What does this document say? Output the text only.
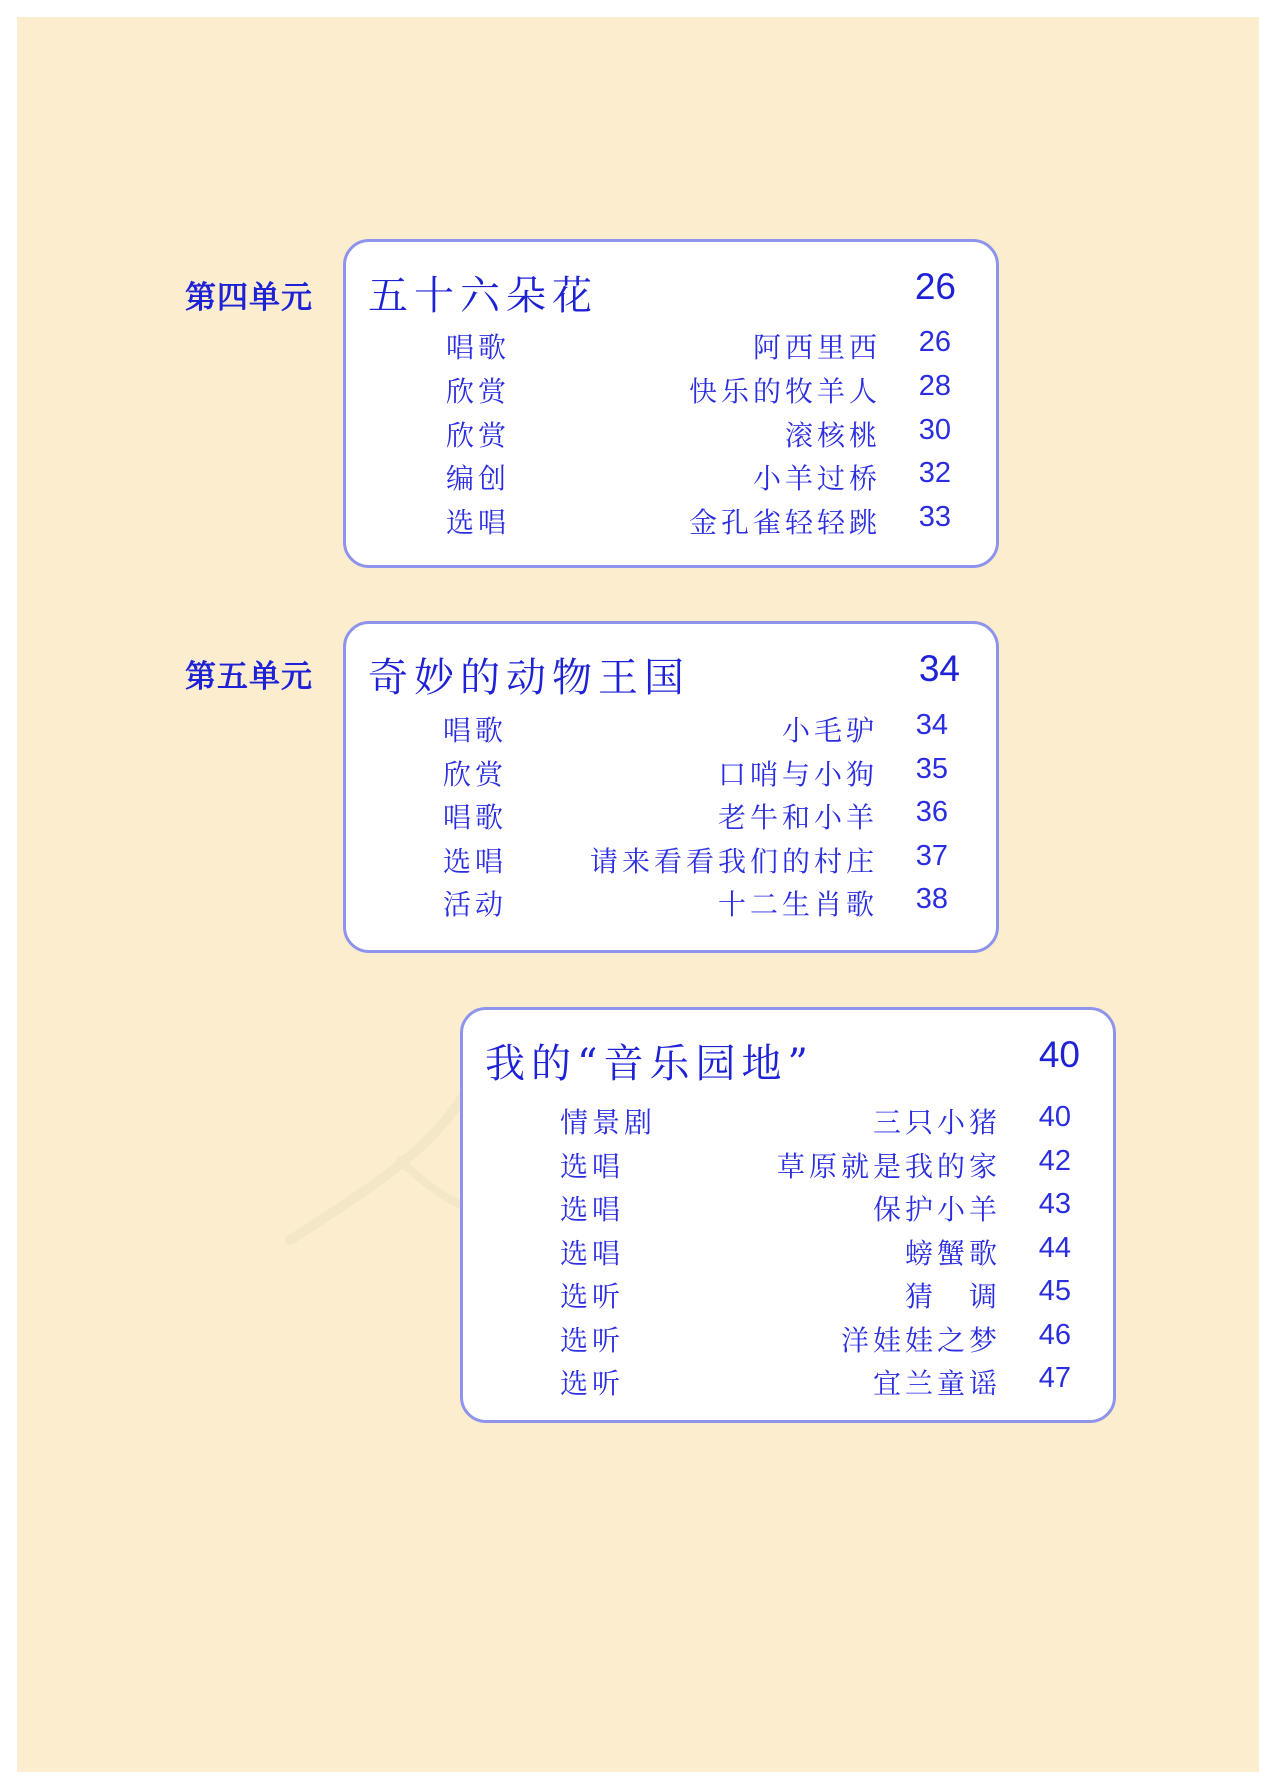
第四单元 五十六朵花	26
唱歌	阿西里西	26
欣赏	快乐的牧羊人	28
欣赏	滚核桃	30
编创	小羊过桥	32
选唱	金孔雀轻轻跳	33
第五单元 奇妙的动物王国	34
唱歌	小毛驴	34
欣赏	口哨与小狗	35
唱歌	老牛和小羊	36
选唱	请来看看我们的村庄	37
活动	十二生肖歌	38
我的“音乐园地”	40
情景剧	三只小猪	40
选唱	草原就是我的家	42
选唱	保护小羊	43
选唱	螃蟹歌	44
选听	猜　调	45
选听	洋娃娃之梦	46
选听	宜兰童谣	47
